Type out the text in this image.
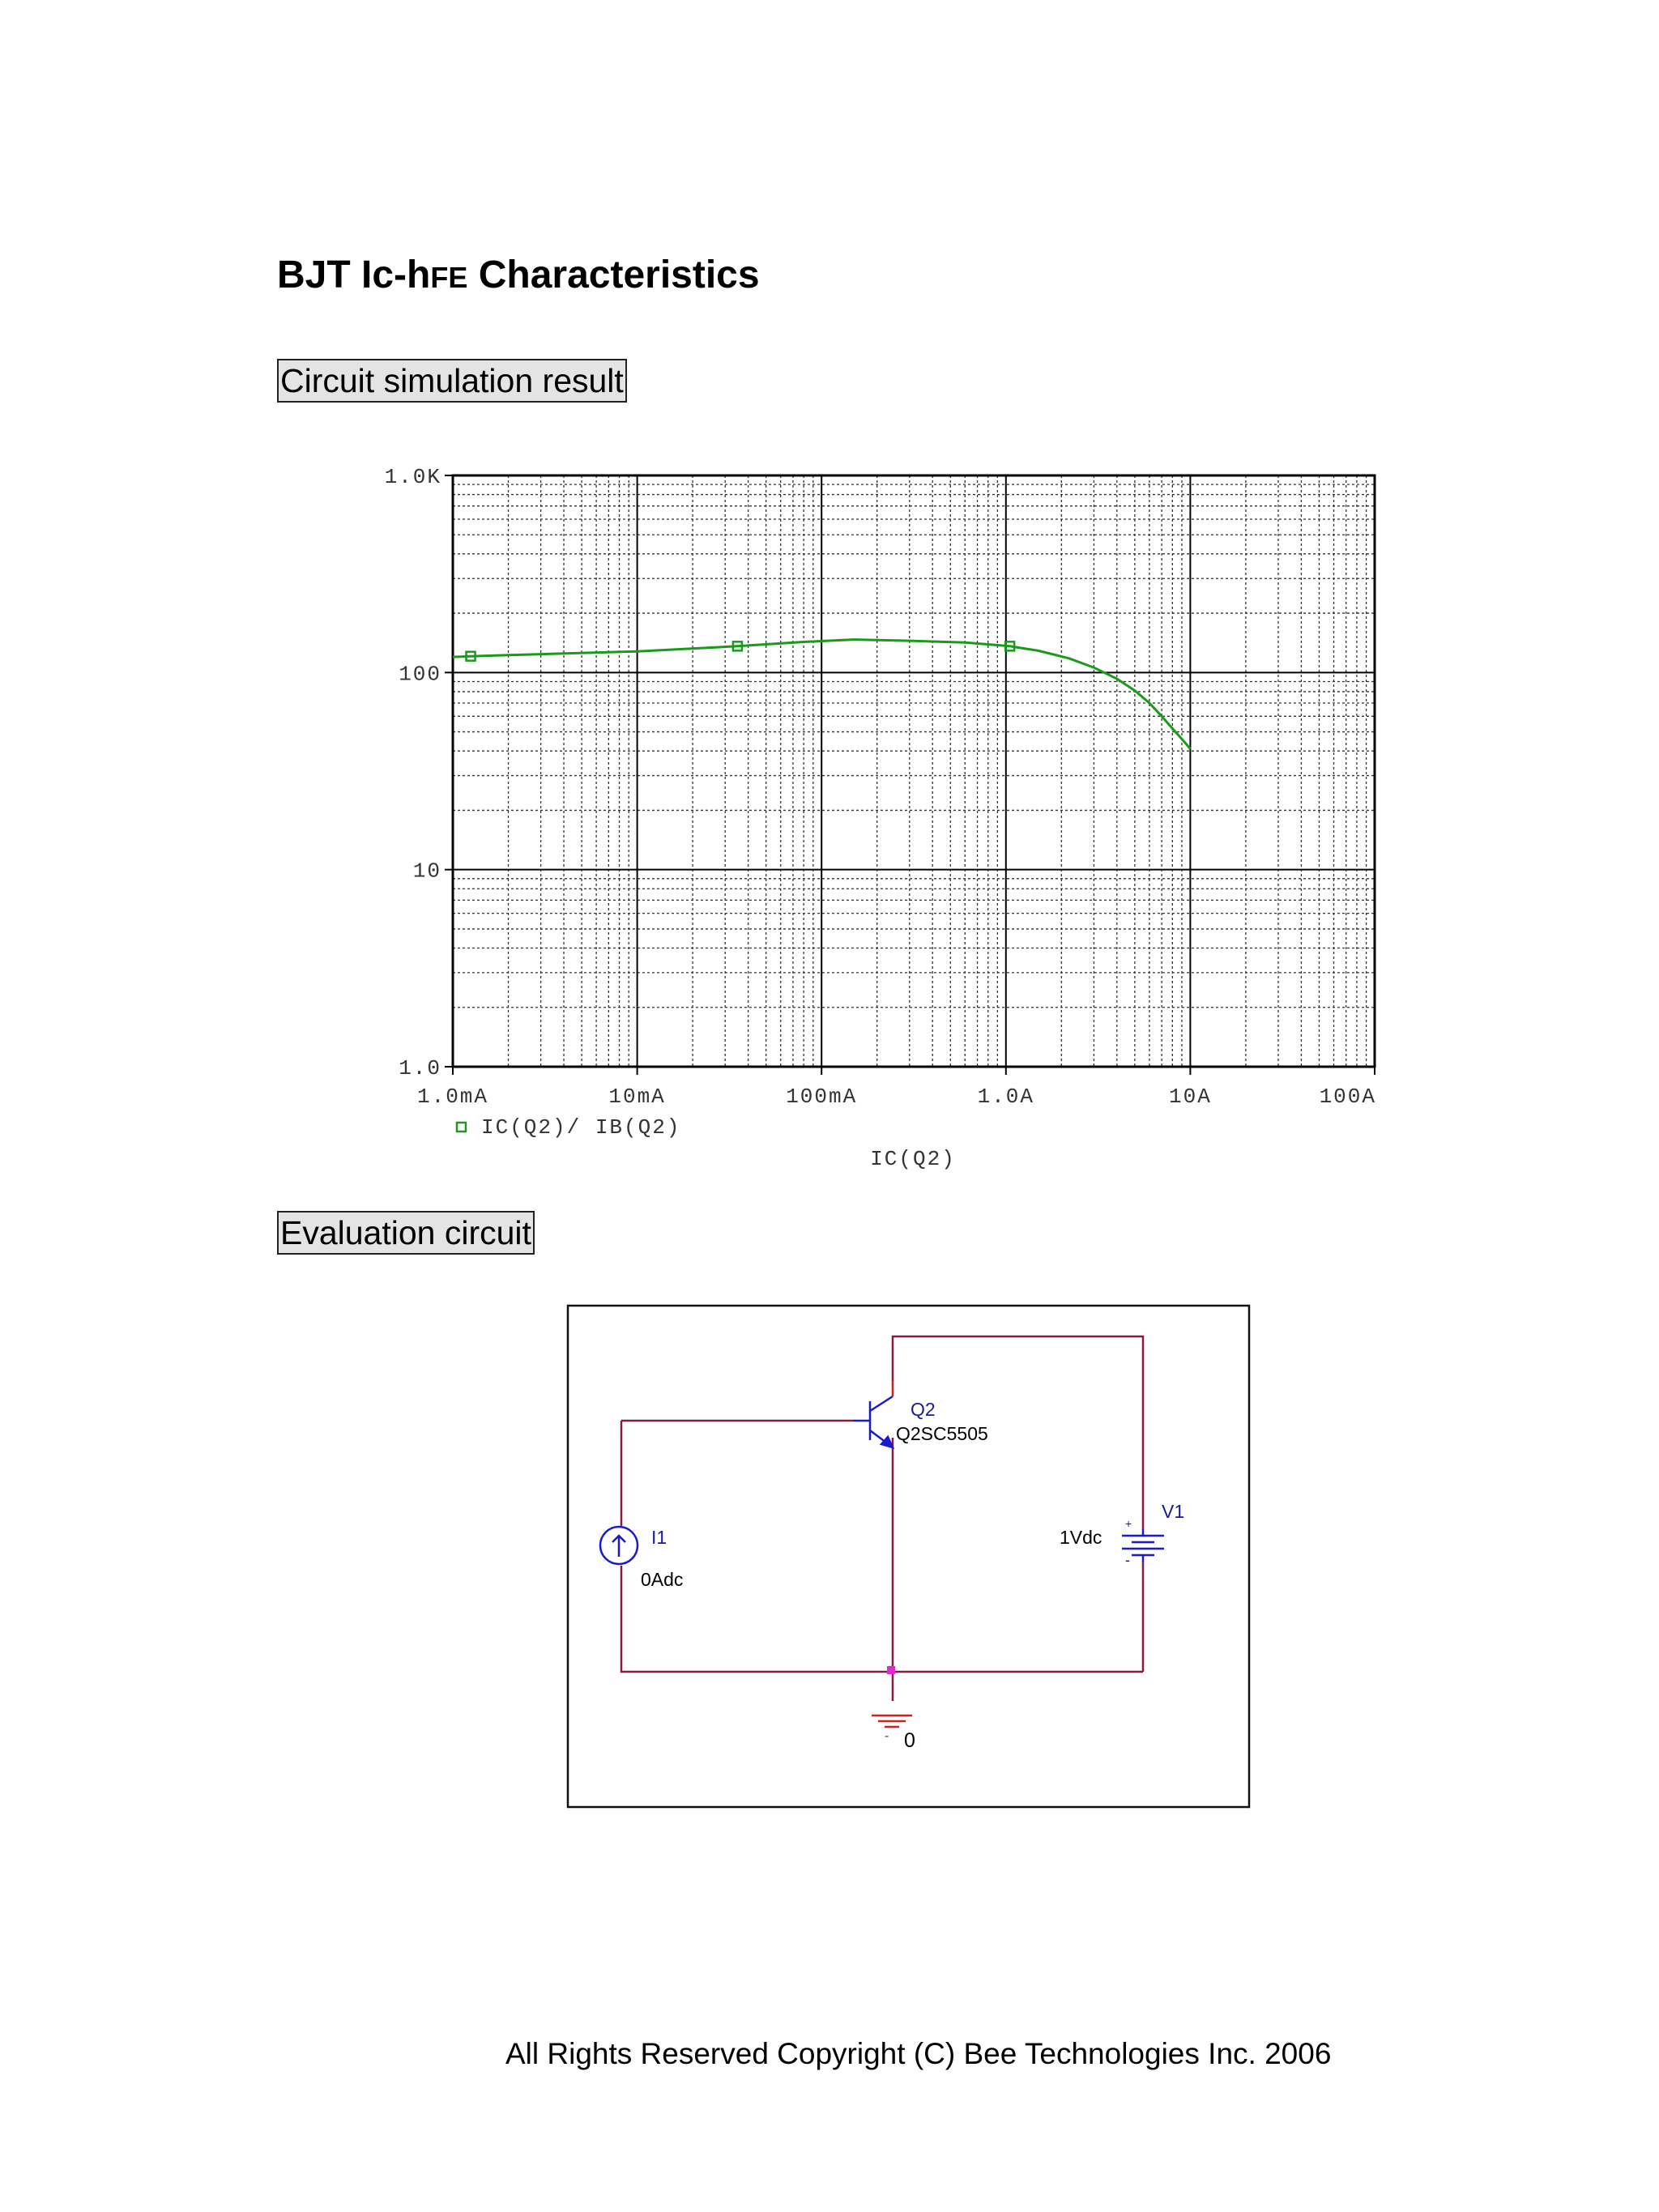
BJT Ic-hFE Characteristics
Circuit simulation result
1.0mA	10mA	100mA	1.0A	10A	100A
1.0
10
100
1.0K
IC(Q2)/ IB(Q2)
IC(Q2)
Evaluation circuit
Q2
Q2SC5505
I1
0Adc
+
-
V1
1Vdc
- 0
All Rights Reserved Copyright (C) Bee Technologies Inc. 2006
